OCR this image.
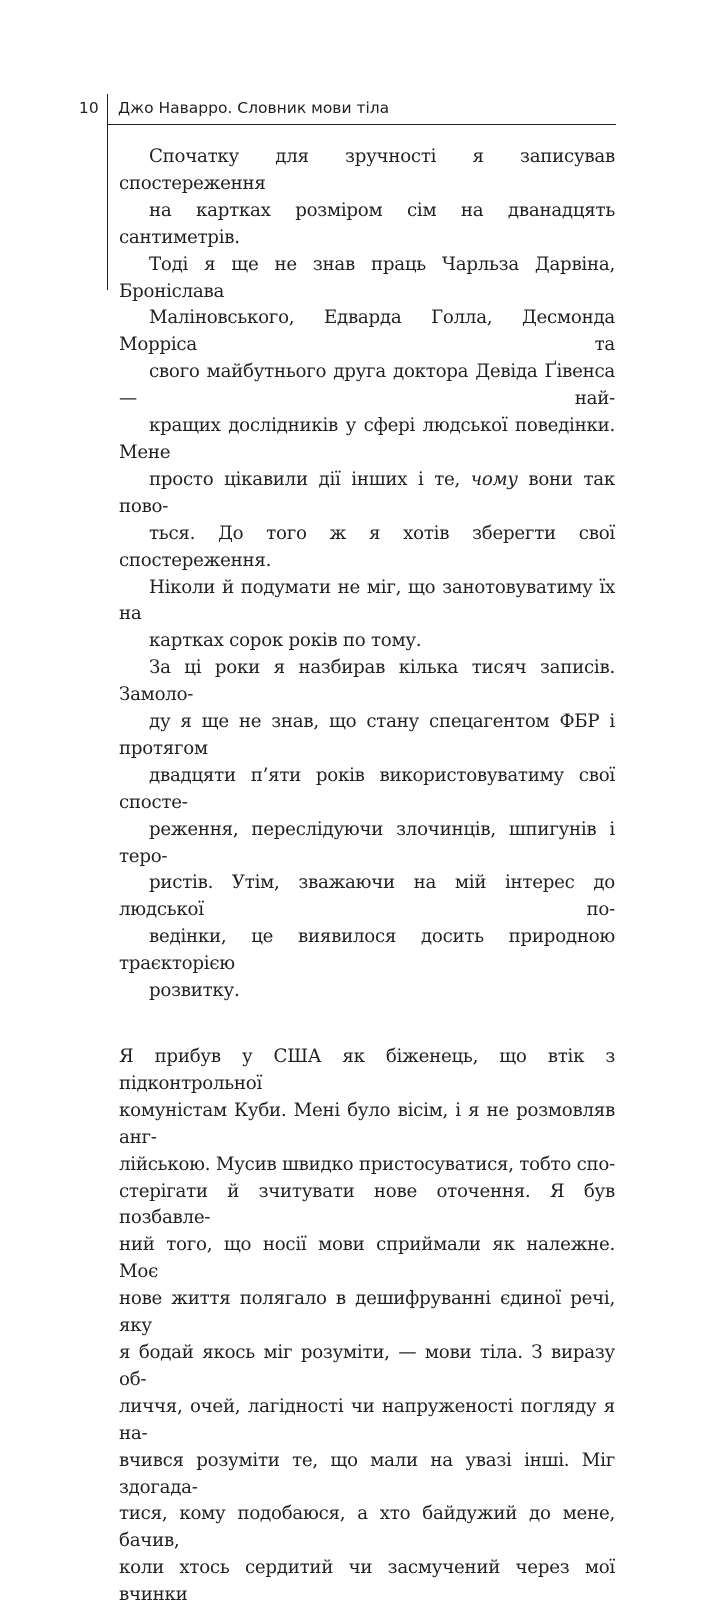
10 Джо Наварро. Словник мови тіла

Спочатку для зручності я записував спостереження
на картках розміром сім на дванадцять сантиметрів.
Тоді я ще не знав праць Чарльза Дарвіна, Броніслава
Маліновського, Едварда Голла, Десмонда Морріса та
свого майбутнього друга доктора Девіда Ґівенса — най-
кращих дослідників у сфері людської поведінки. Мене
просто цікавили дії інших і те, чому вони так пово-
ться. До того ж я хотів зберегти свої спостереження.
Ніколи й подумати не міг, що занотовуватиму їх на
картках сорок років по тому.

За ці роки я назбирав кілька тисяч записів. Замоло-
ду я ще не знав, що стану спецагентом ФБР і протягом
двадцяти п’яти років використовуватиму свої спосте-
реження, переслідуючи злочинців, шпигунів і теро-
ристів. Утім, зважаючи на мій інтерес до людської по-
ведінки, це виявилося досить природною траєкторією
розвитку.

Я прибув у США як біженець, що втік з підконтрольної
комуністам Куби. Мені було вісім, і я не розмовляв анг-
лійською. Мусив швидко пристосуватися, тобто спо-
стерігати й зчитувати нове оточення. Я був позбавле-
ний того, що носії мови сприймали як належне. Моє
нове життя полягало в дешифруванні єдиної речі, яку
я бодай якось міг розуміти, — мови тіла. З виразу об-
личчя, очей, лагідності чи напруженості погляду я на-
вчився розуміти те, що мали на увазі інші. Міг здогада-
тися, кому подобаюся, а хто байдужий до мене, бачив,
коли хтось сердитий чи засмучений через мої вчинки
